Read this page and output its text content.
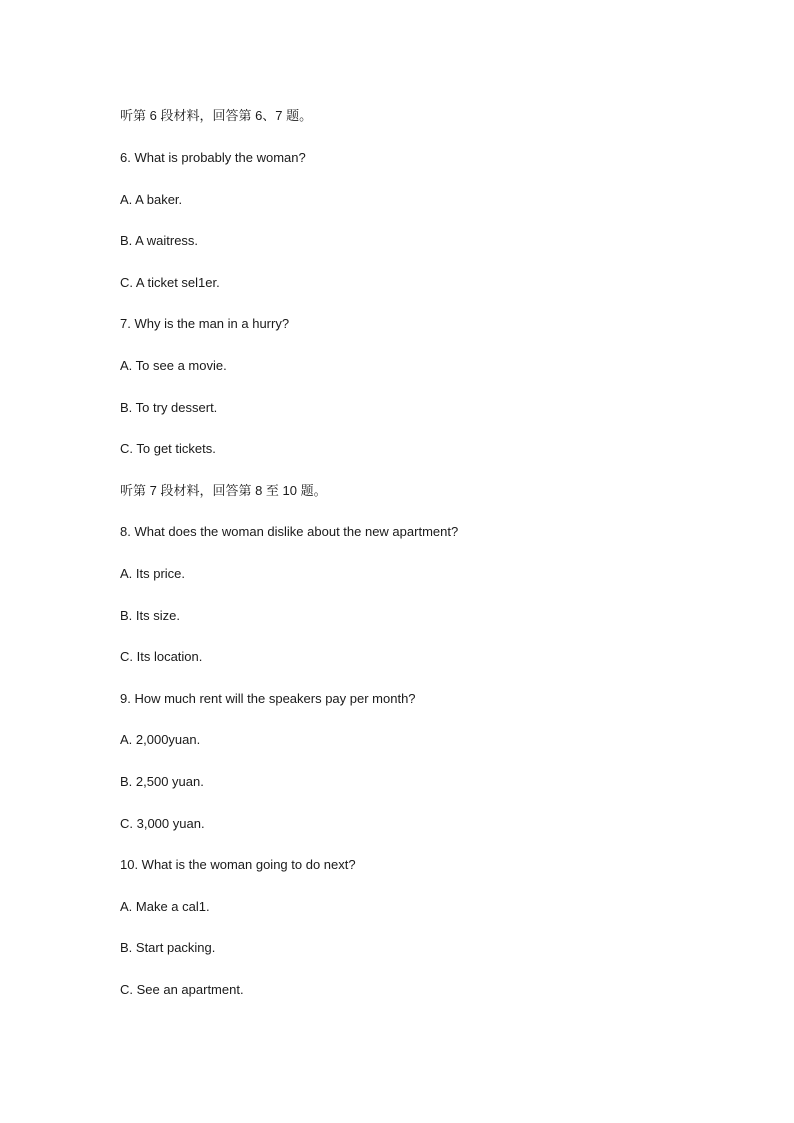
听第 6 段材料，回答第 6、7 题。
6. What is probably the woman?
A. A baker.
B. A waitress.
C. A ticket sel1er.
7. Why is the man in a hurry?
A. To see a movie.
B. To try dessert.
C. To get tickets.
听第 7 段材料，回答第 8 至 10 题。
8. What does the woman dislike about the new apartment?
A. Its price.
B. Its size.
C. Its location.
9. How much rent will the speakers pay per month?
A. 2,000yuan.
B. 2,500 yuan.
C. 3,000 yuan.
10. What is the woman going to do next?
A. Make a cal1.
B. Start packing.
C. See an apartment.
